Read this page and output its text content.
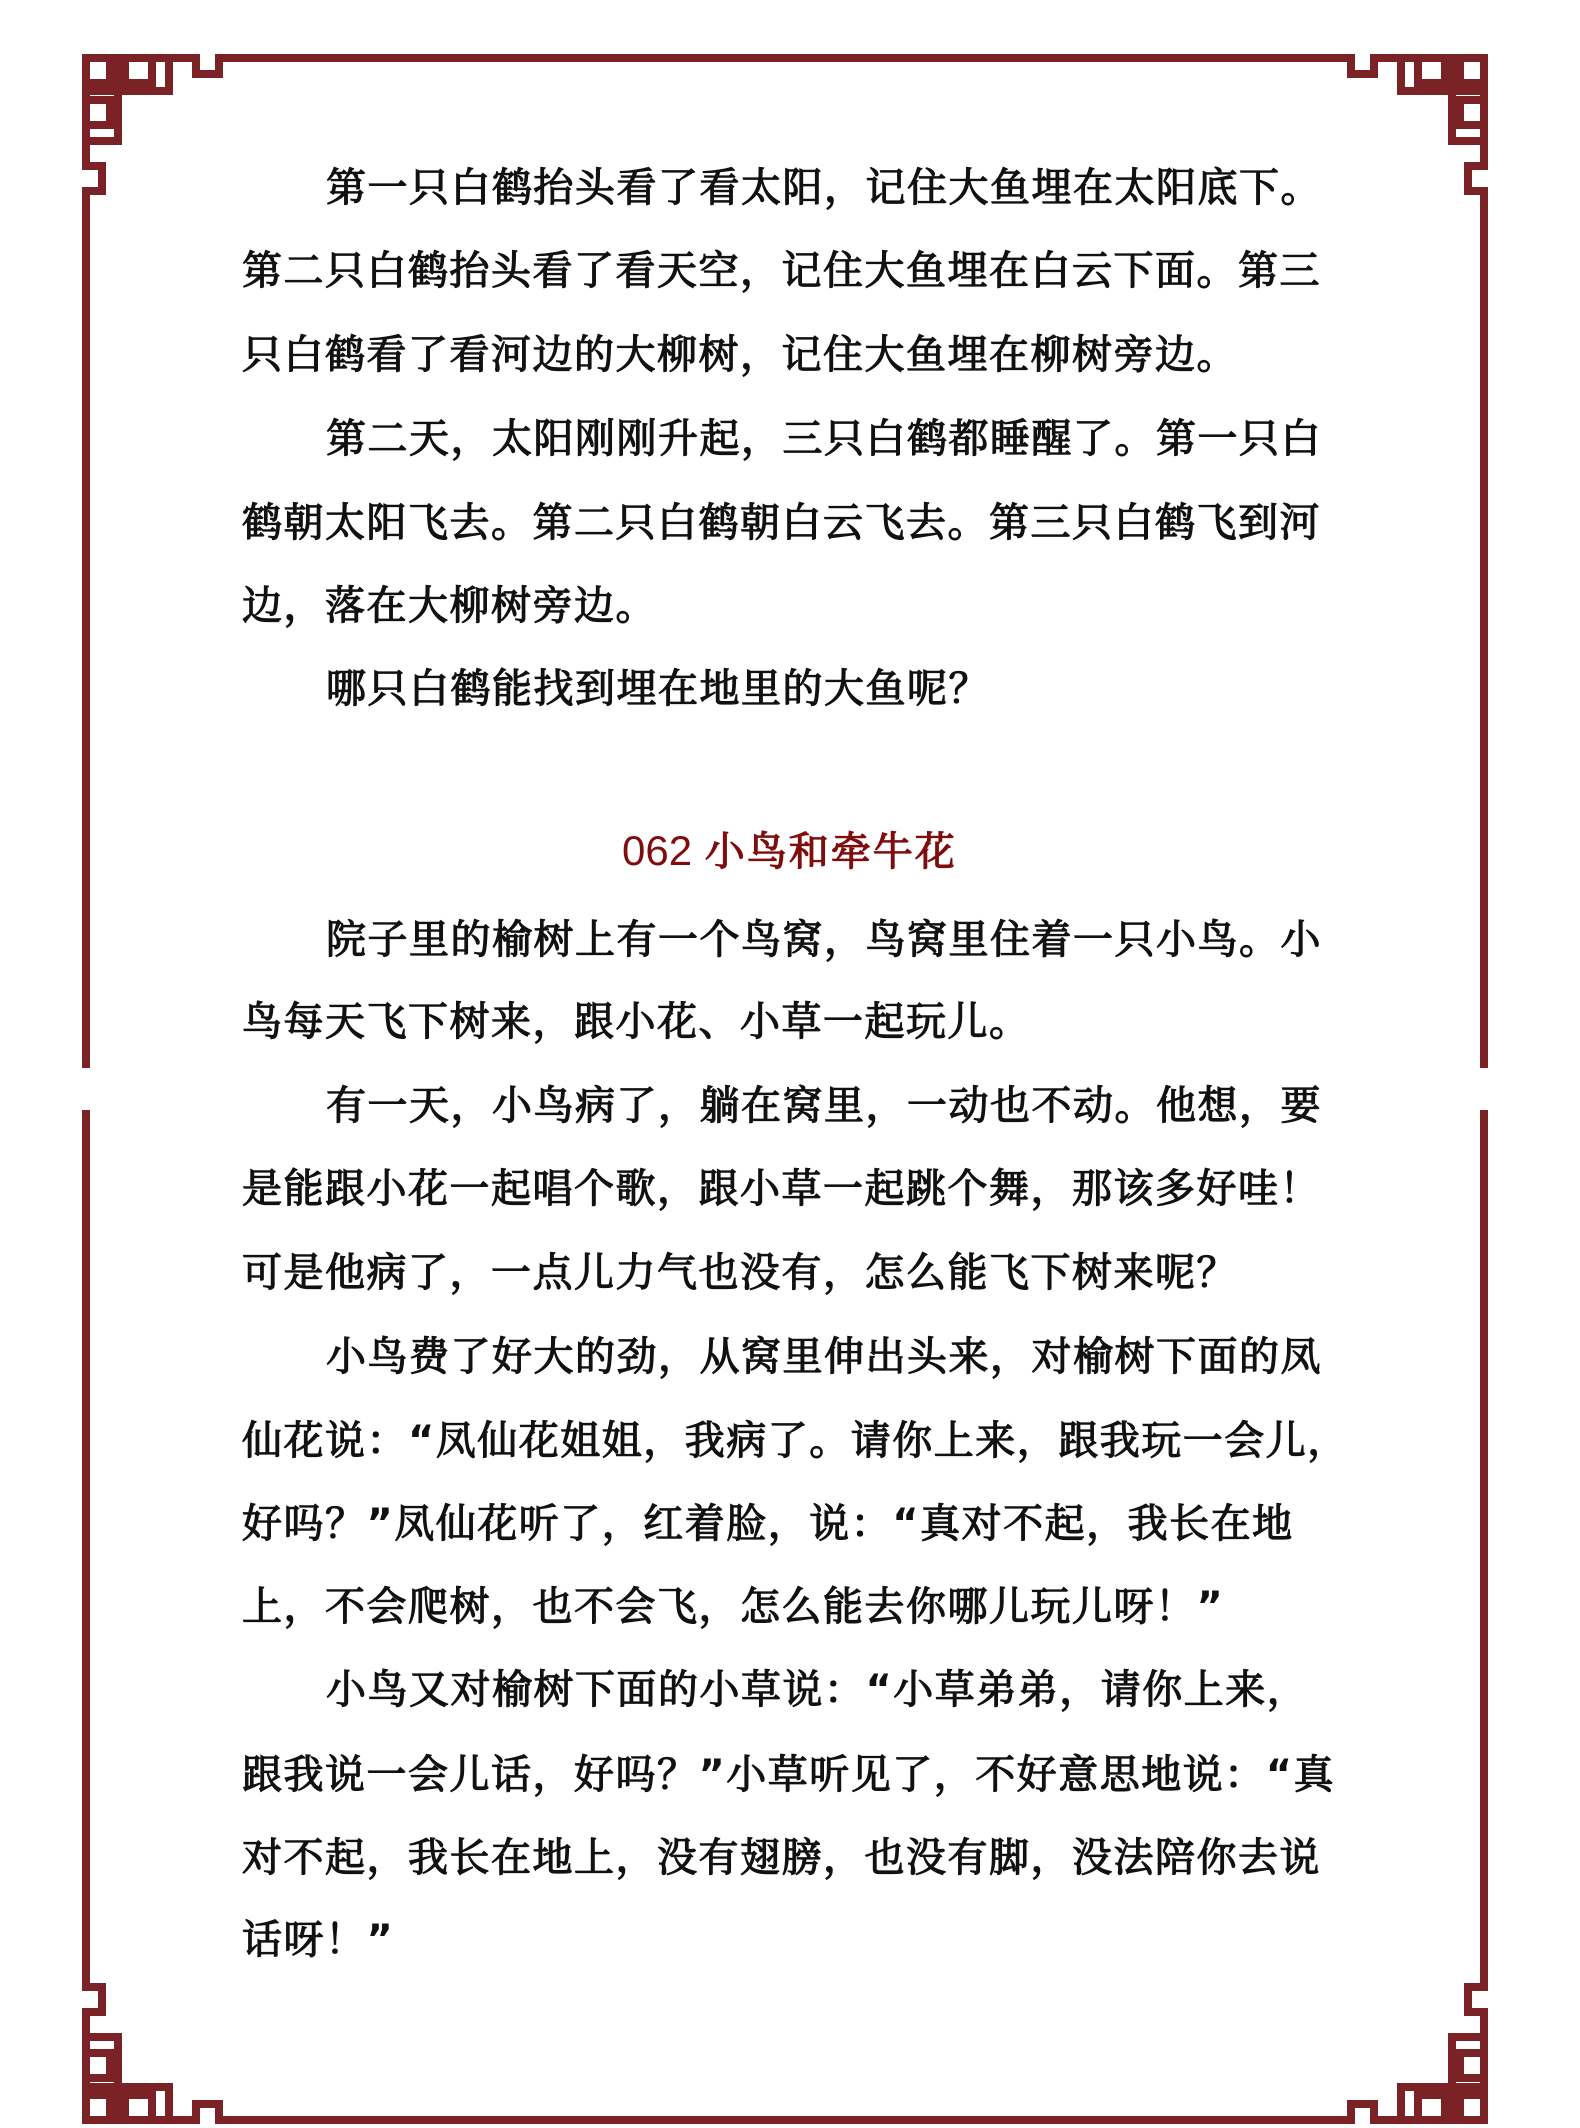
第一只白鹤抬头看了看太阳，记住大鱼埋在太阳底下。
第二只白鹤抬头看了看天空，记住大鱼埋在白云下面。第三
只白鹤看了看河边的大柳树，记住大鱼埋在柳树旁边。
第二天，太阳刚刚升起，三只白鹤都睡醒了。第一只白
鹤朝太阳飞去。第二只白鹤朝白云飞去。第三只白鹤飞到河
边，落在大柳树旁边。
哪只白鹤能找到埋在地里的大鱼呢？
062 小鸟和牵牛花
院子里的榆树上有一个鸟窝，鸟窝里住着一只小鸟。小
鸟每天飞下树来，跟小花、小草一起玩儿。
有一天，小鸟病了，躺在窝里，一动也不动。他想，要
是能跟小花一起唱个歌，跟小草一起跳个舞，那该多好哇！
可是他病了，一点儿力气也没有，怎么能飞下树来呢？
小鸟费了好大的劲，从窝里伸出头来，对榆树下面的凤
仙花说：“凤仙花姐姐，我病了。请你上来，跟我玩一会儿，
好吗？”凤仙花听了，红着脸，说：“真对不起，我长在地
上，不会爬树，也不会飞，怎么能去你哪儿玩儿呀！”
小鸟又对榆树下面的小草说：“小草弟弟，请你上来，
跟我说一会儿话，好吗？”小草听见了，不好意思地说：“真
对不起，我长在地上，没有翅膀，也没有脚，没法陪你去说
话呀！”
